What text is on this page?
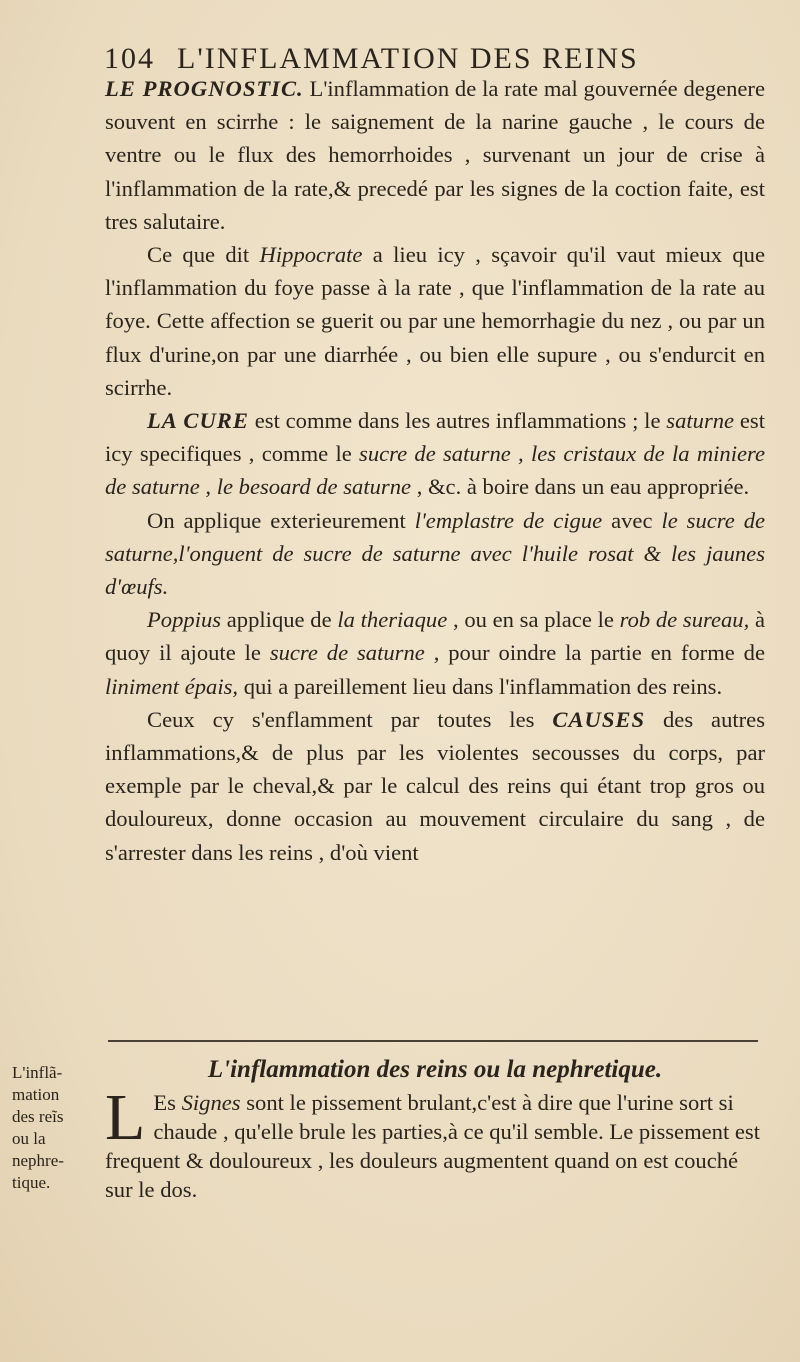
104 L'INFLAMMATION DES REINS

LE PROGNOSTIC. L'inflammation de la rate mal gouvernée degenere souvent en scirrhe : le saignement de la narine gauche , le cours de ventre ou le flux des hemorrhoides , survenant un jour de crise à l'inflammation de la rate,& precedé par les signes de la coction faite, est tres salutaire.

Ce que dit Hippocrate a lieu icy , sçavoir qu'il vaut mieux que l'inflammation du foye passe à la rate , que l'inflammation de la rate au foye. Cette affection se guerit ou par une hemorrhagie du nez , ou par un flux d'urine,on par une diarrhée , ou bien elle supure , ou s'endurcit en scirrhe.

LA CURE est comme dans les autres inflammations ; le saturne est icy specifiques , comme le sucre de saturne , les cristaux de la miniere de saturne , le besoard de saturne , &c. à boire dans un eau appropriée.

On applique exterieurement l'emplastre de cigue avec le sucre de saturne,l'onguent de sucre de saturne avec l'huile rosat & les jaunes d'œufs.

Poppius applique de la theriaque , ou en sa place le rob de sureau, à quoy il ajoute le sucre de saturne , pour oindre la partie en forme de liniment épais, qui a pareillement lieu dans l'inflammation des reins.

Ceux cy s'enflamment par toutes les CAUSES des autres inflammations,& de plus par les violentes secousses du corps, par exemple par le cheval,& par le calcul des reins qui étant trop gros ou douloureux, donne occasion au mouvement circulaire du sang , de s'arrester dans les reins , d'où vient

L'inflammation des reins ou la nephretique.
L Es Signes sont le pissement brulant,c'est à dire que l'urine sort si chaude , qu'elle brule les parties,à ce qu'il semble. Le pissement est frequent & douloureux , les douleurs augmentent quand on est couché sur le dos.
L'inflã-
mation
des reĩs
ou la
nephre-
tique.
